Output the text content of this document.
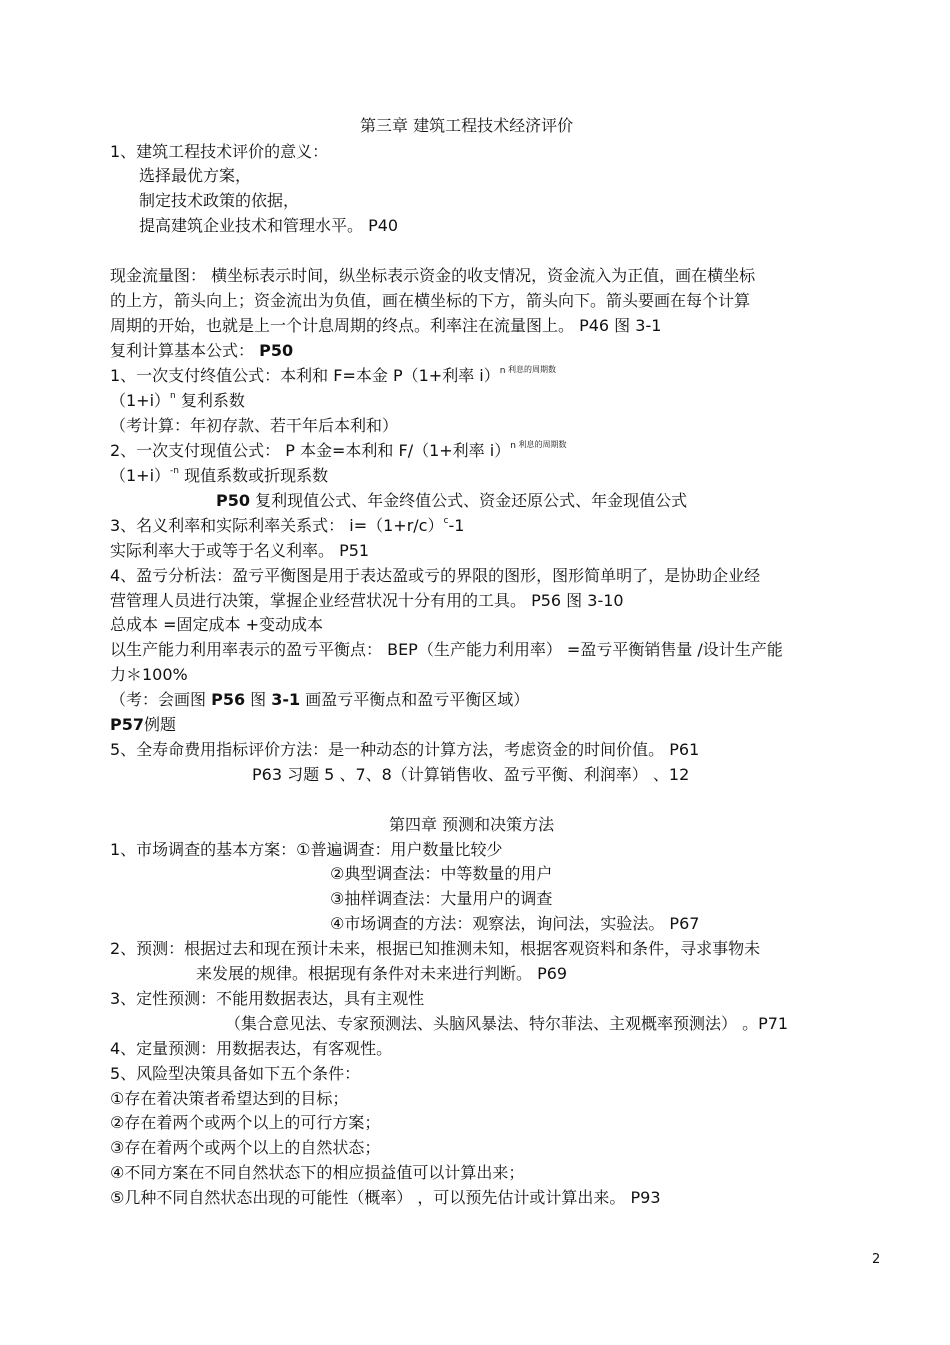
第三章 建筑工程技术经济评价
1、建筑工程技术评价的意义：
选择最优方案，
制定技术政策的依据，
提高建筑企业技术和管理水平。 P40
现金流量图： 横坐标表示时间，纵坐标表示资金的收支情况，资金流入为正值，画在横坐标
的上方，箭头向上；资金流出为负值，画在横坐标的下方，箭头向下。箭头要画在每个计算
周期的开始，也就是上一个计息周期的终点。利率注在流量图上。 P46 图 3-1
复利计算基本公式： P50
1、一次支付终值公式：本利和 F=本金 P（1+利率 i）$^n$ $^{利息的周期数}$
$(1+i)^n$ 复利系数
（考计算：年初存款、若干年后本利和）
2、一次支付现值公式： P 本金=本利和 F/（1+利率 i）$^n$ $^{利息的周期数}$
$(1+i)^{-n}$ 现值系数或折现系数
P50 复利现值公式、年金终值公式、资金还原公式、年金现值公式
3、名义利率和实际利率关系式： $i=(1+r/c)^c-1$
实际利率大于或等于名义利率。 P51
4、盈亏分析法：盈亏平衡图是用于表达盈或亏的界限的图形，图形简单明了，是协助企业经
营管理人员进行决策，掌握企业经营状况十分有用的工具。 P56 图 3-10
总成本 =固定成本 +变动成本
以生产能力利用率表示的盈亏平衡点： BEP（生产能力利用率） =盈亏平衡销售量 /设计生产能
力＊100%
（考：会画图 P56 图 3-1 画盈亏平衡点和盈亏平衡区域）
P57例题
5、全寿命费用指标评价方法：是一种动态的计算方法，考虑资金的时间价值。 P61
P63 习题 5 、7、8（计算销售收、盈亏平衡、利润率） 、12
第四章 预测和决策方法
1、市场调查的基本方案：①普遍调查：用户数量比较少
②典型调查法：中等数量的用户
③抽样调查法：大量用户的调查
④市场调查的方法：观察法，询问法，实验法。 P67
2、预测：根据过去和现在预计未来，根据已知推测未知，根据客观资料和条件，寻求事物未
来发展的规律。根据现有条件对未来进行判断。 P69
3、定性预测：不能用数据表达，具有主观性
（集合意见法、专家预测法、头脑风暴法、特尔菲法、主观概率预测法） 。P71
4、定量预测：用数据表达，有客观性。
5、风险型决策具备如下五个条件：
①存在着决策者希望达到的目标；
②存在着两个或两个以上的可行方案；
③存在着两个或两个以上的自然状态；
④不同方案在不同自然状态下的相应损益值可以计算出来；
⑤几种不同自然状态出现的可能性（概率） ，可以预先估计或计算出来。 P93
2
